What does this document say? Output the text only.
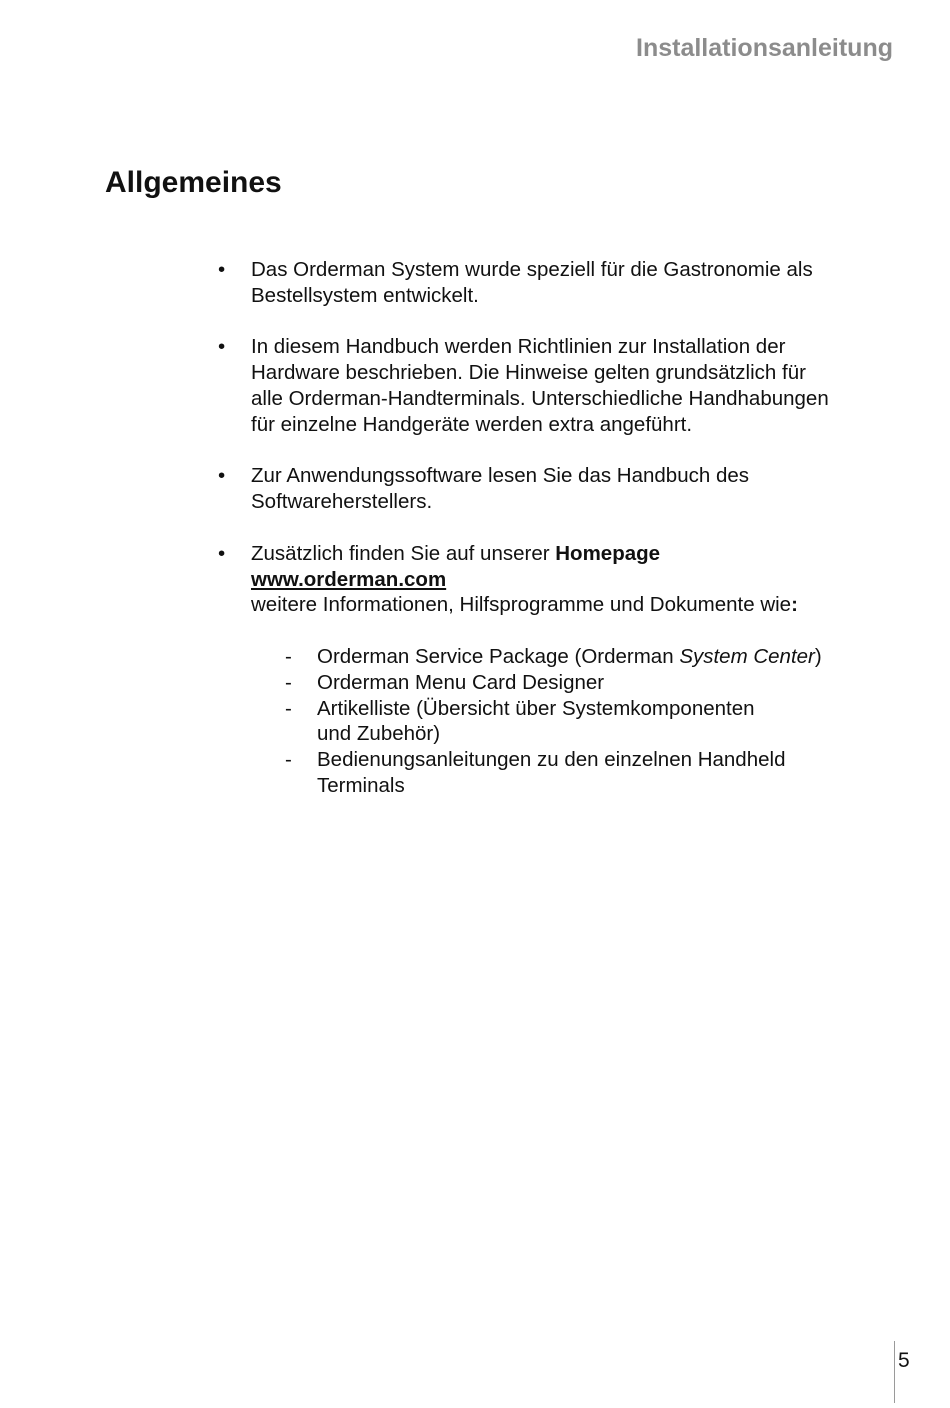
Installationsanleitung
Allgemeines
• Das Orderman System wurde speziell für die Gastronomie als
Bestellsystem entwickelt.
• In diesem Handbuch werden Richtlinien zur Installation der
Hardware beschrieben. Die Hinweise gelten grundsätzlich für
alle Orderman-Handterminals. Unterschiedliche Handhabungen
für einzelne Handgeräte werden extra angeführt.
• Zur Anwendungssoftware lesen Sie das Handbuch des
Softwareherstellers.
• Zusätzlich finden Sie auf unserer Homepage
www.orderman.com
weitere Informationen, Hilfsprogramme und Dokumente wie:
- Orderman Service Package (Orderman System Center)
- Orderman Menu Card Designer
- Artikelliste (Übersicht über Systemkomponenten
und Zubehör)
- Bedienungsanleitungen zu den einzelnen Handheld
Terminals
5
